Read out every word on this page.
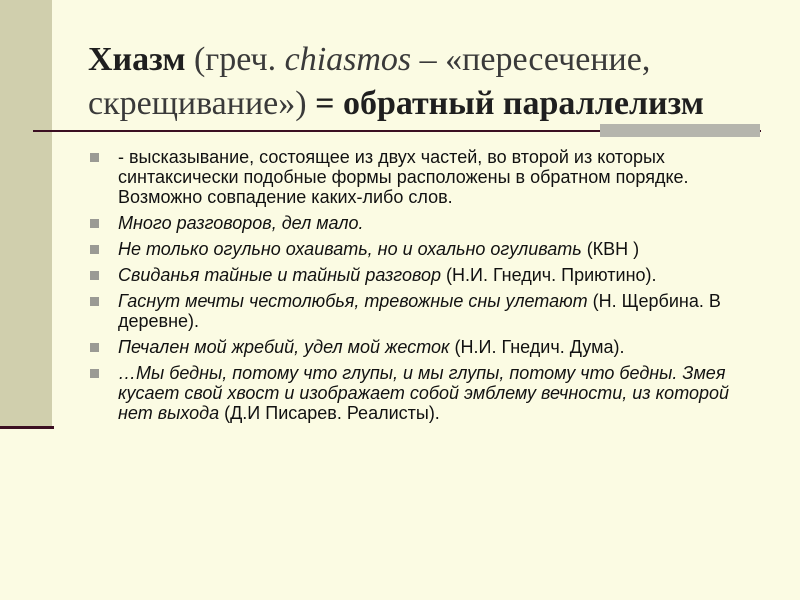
Хиазм (греч. chiasmos – «пересечение, скрещивание») = обратный параллелизм
- высказывание, состоящее из двух частей, во второй из которых синтаксически подобные формы расположены в обратном порядке. Возможно совпадение каких-либо слов.
Много разговоров, дел мало.
Не только огульно охаивать, но и охально огуливать (КВН )
Свиданья тайные и тайный разговор (Н.И. Гнедич. Приютино).
Гаснут мечты честолюбья, тревожные сны улетают (Н. Щербина. В деревне).
Печален мой жребий, удел мой жесток (Н.И. Гнедич. Дума).
…Мы бедны, потому что глупы, и мы глупы, потому что бедны. Змея кусает свой хвост и изображает собой эмблему вечности, из которой нет выхода (Д.И Писарев. Реалисты).
